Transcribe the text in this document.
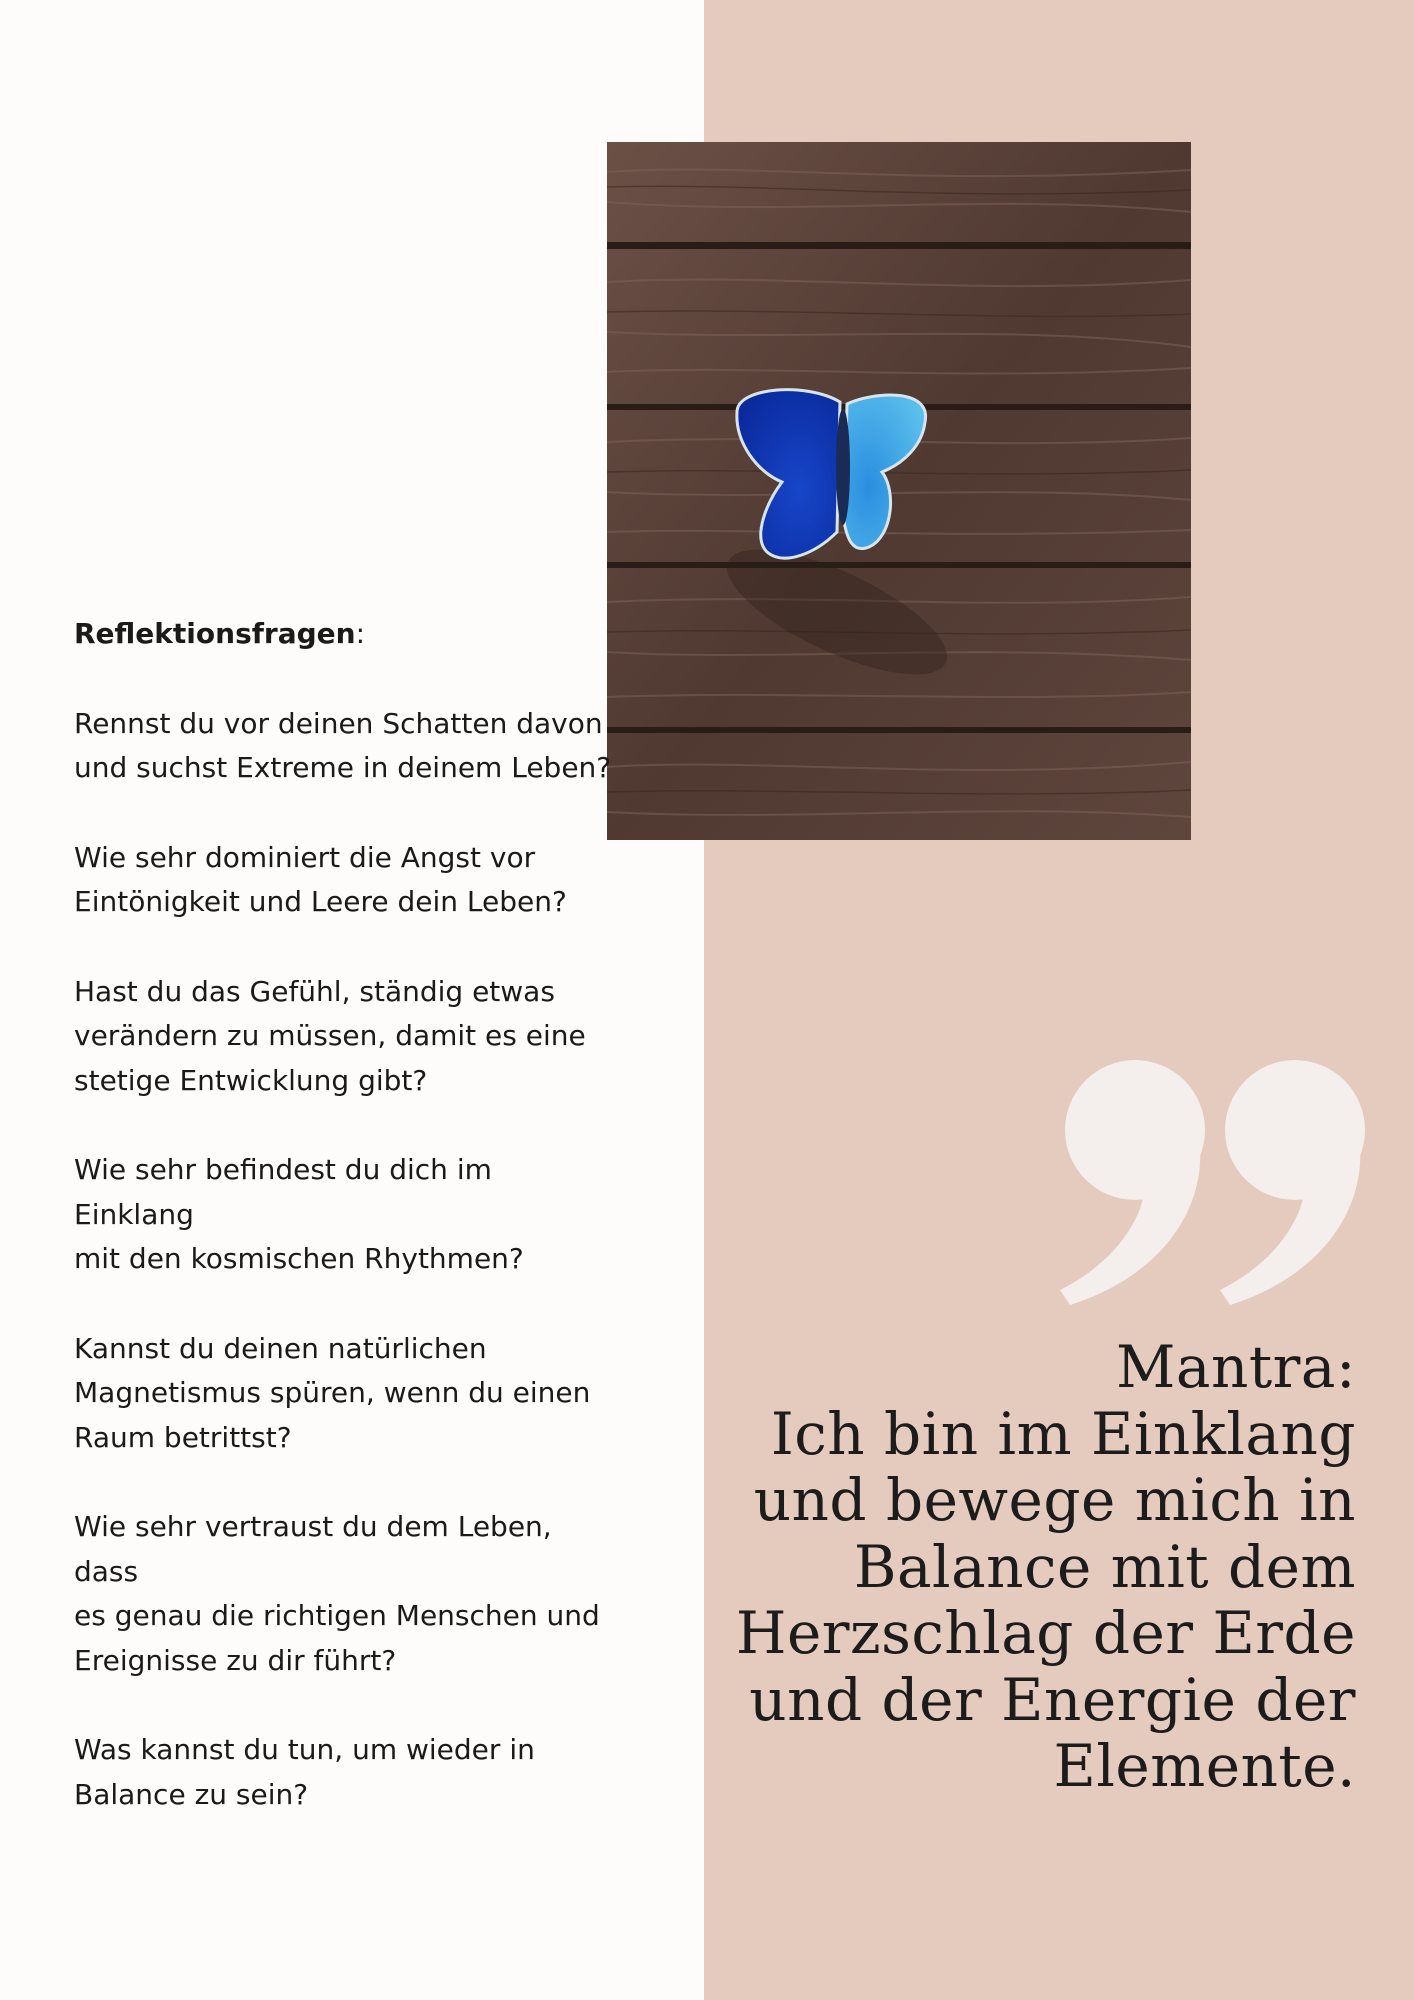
Reflektionsfragen:
Rennst du vor deinen Schatten davon
und suchst Extreme in deinem Leben?
Wie sehr dominiert die Angst vor
Eintönigkeit und Leere dein Leben?
Hast du das Gefühl, ständig etwas
verändern zu müssen, damit es eine
stetige Entwicklung gibt?
Wie sehr befindest du dich im Einklang
mit den kosmischen Rhythmen?
Kannst du deinen natürlichen
Magnetismus spüren, wenn du einen
Raum betrittst?
Wie sehr vertraust du dem Leben, dass
es genau die richtigen Menschen und
Ereignisse zu dir führt?
Was kannst du tun, um wieder in
Balance zu sein?
Mantra:
Ich bin im Einklang
und bewege mich in
Balance mit dem
Herzschlag der Erde
und der Energie der
Elemente.
